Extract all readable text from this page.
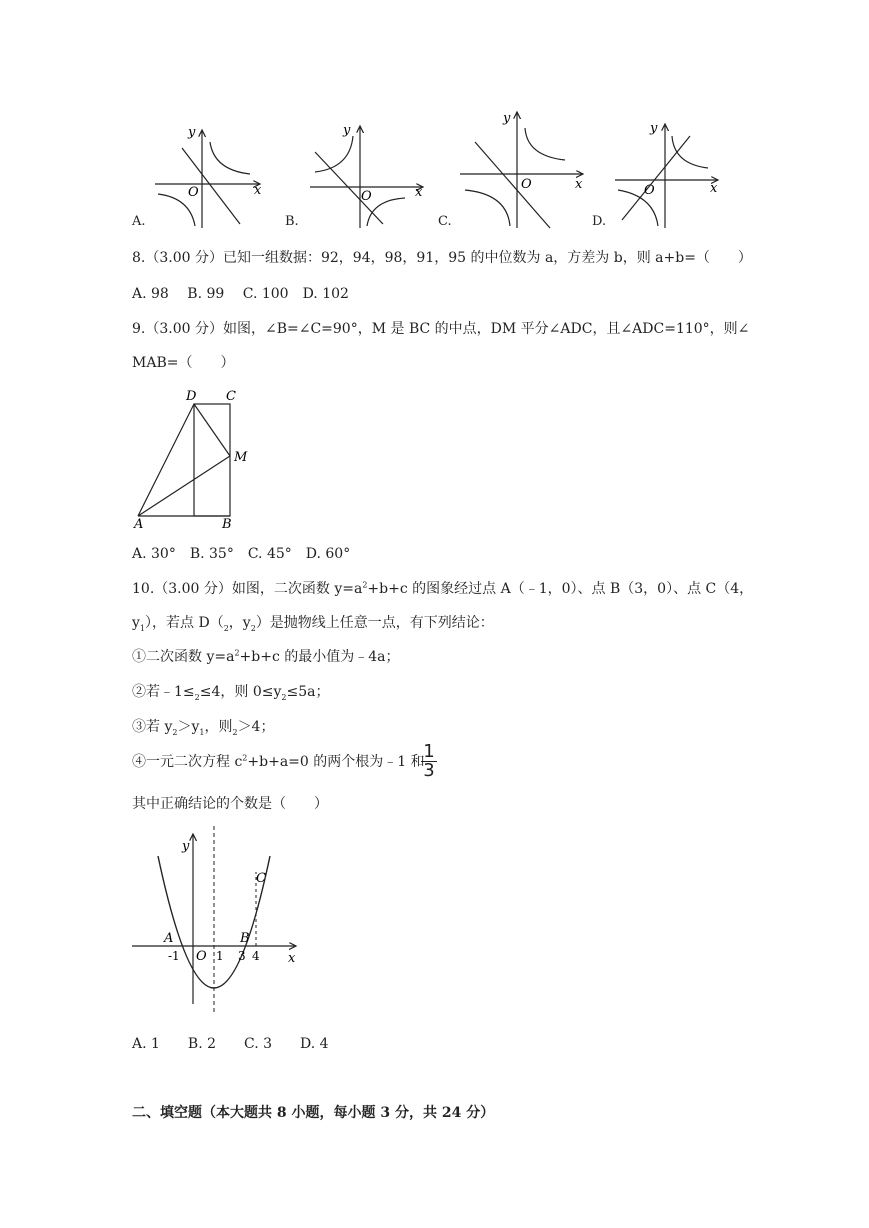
y
x
O
A.
y
x
O
B.
y
x
O
C.
y
x
O
D.
8.（3.00 分）已知一组数据：92，94，98，91，95 的中位数为 a，方差为 b，则 a+b=（　　）
A. 98　 B. 99　 C. 100　D. 102
9.（3.00 分）如图，∠B=∠C=90°，M 是 BC 的中点，DM 平分∠ADC，且∠ADC=110°，则∠
MAB=（　　）
D C
M
A	B
A. 30°　B. 35°　C. 45°　D. 60°
10.（3.00 分）如图，二次函数 $y=a^2+b+c$ 的图象经过点 A（﹣1，0）、点 B（3，0）、点 C（4，
$y_1$），若点 $D(_2$，$y_2$）是抛物线上任意一点，有下列结论：
①二次函数 $y=a^2+b+c$ 的最小值为﹣4a；
②若$﹣1\le_2\le 4$，则 $0\le y_2\le 5a$；
③若 $y_2>y_1$，则$_2$＞4；
④一元二次方程 $c^2+b+a=0$ 的两个根为﹣1 和
$\frac{1}{3}$
其中正确结论的个数是（　　）
y
x
A	B
C
O
-1	1 3 4
A. 1　　B. 2　　C. 3　　D. 4
二、填空题（本大题共 8 小题，每小题 3 分，共 24 分）
